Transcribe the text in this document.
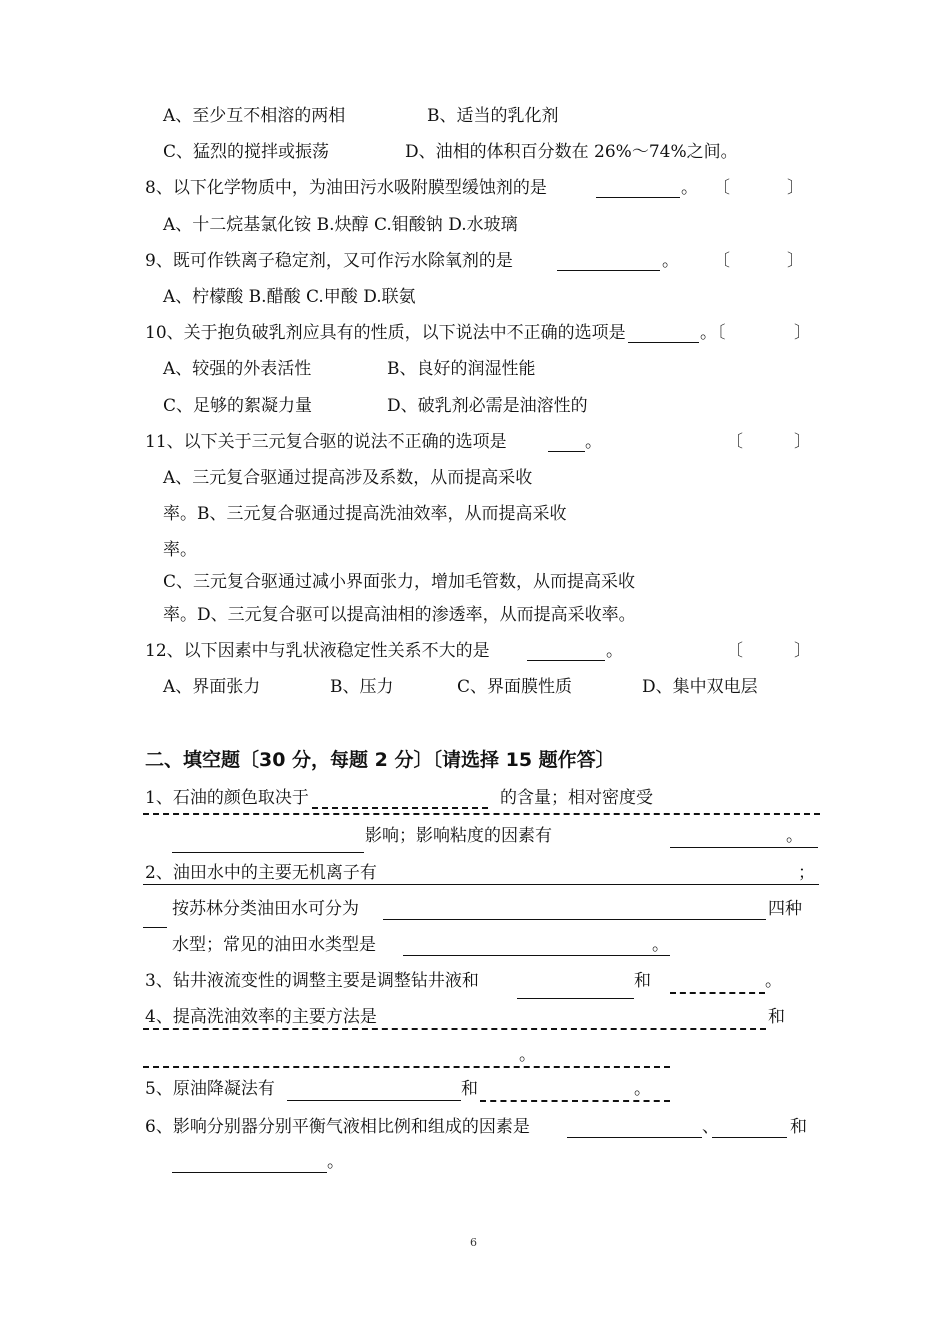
A、至少互不相溶的两相	B、适当的乳化剂
C、猛烈的搅拌或振荡	D、油相的体积百分数在 26%～74%之间。
8、以下化学物质中，为油田污水吸附膜型缓蚀剂的是	。 〔	〕
A、十二烷基氯化铵 B.炔醇 C.钼酸钠 D.水玻璃
9、既可作铁离子稳定剂，又可作污水除氧剂的是	。 〔	〕
A、柠檬酸 B.醋酸 C.甲酸 D.联氨
10、关于抱负破乳剂应具有的性质，以下说法中不正确的选项是	。〔	〕
A、较强的外表活性	B、良好的润湿性能
C、足够的絮凝力量	D、破乳剂必需是油溶性的
11、以下关于三元复合驱的说法不正确的选项是	。	〔	〕
A、三元复合驱通过提高涉及系数，从而提高采收
率。B、三元复合驱通过提高洗油效率，从而提高采收
率。
C、三元复合驱通过减小界面张力，增加毛管数，从而提高采收
率。D、三元复合驱可以提高油相的渗透率，从而提高采收率。
12、以下因素中与乳状液稳定性关系不大的是	。	〔	〕
A、界面张力	B、压力	C、界面膜性质	D、集中双电层
二、填空题〔30 分，每题 2 分〕〔请选择 15 题作答〕
1、石油的颜色取决于	的含量；相对密度受
影响；影响粘度的因素有	。
2、油田水中的主要无机离子有	；
按苏林分类油田水可分为	四种
水型；常见的油田水类型是	。
3、钻井液流变性的调整主要是调整钻井液和	和	。
4、提高洗油效率的主要方法是	和
。
5、原油降凝法有	和	。
6、影响分别器分别平衡气液相比例和组成的因素是	、	和
。
6
